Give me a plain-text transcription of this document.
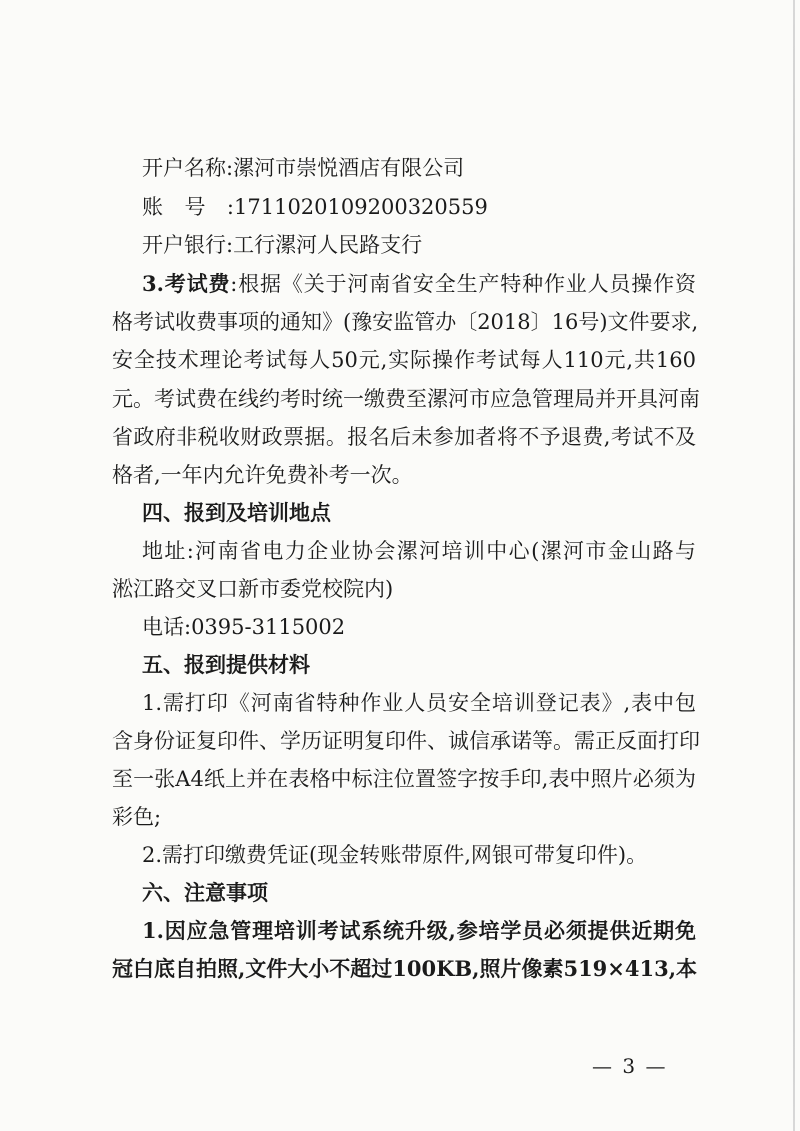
开户名称:漯河市崇悦酒店有限公司
账号:1711020109200320559
开户银行:工行漯河人民路支行
3.考试费:根据《关于河南省安全生产特种作业人员操作资
格考试收费事项的通知》(豫安监管办〔2018〕16号)文件要求,
安全技术理论考试每人50元,实际操作考试每人110元,共160
元。考试费在线约考时统一缴费至漯河市应急管理局并开具河南
省政府非税收财政票据。报名后未参加者将不予退费,考试不及
格者,一年内允许免费补考一次。
四、报到及培训地点
地址:河南省电力企业协会漯河培训中心(漯河市金山路与
淞江路交叉口新市委党校院内)
电话:0395-3115002
五、报到提供材料
1.需打印《河南省特种作业人员安全培训登记表》,表中包
含身份证复印件、学历证明复印件、诚信承诺等。需正反面打印
至一张A4纸上并在表格中标注位置签字按手印,表中照片必须为
彩色;
2.需打印缴费凭证(现金转账带原件,网银可带复印件)。
六、注意事项
1.因应急管理培训考试系统升级,参培学员必须提供近期免
冠白底自拍照,文件大小不超过100KB,照片像素519×413,本
— 3 —
